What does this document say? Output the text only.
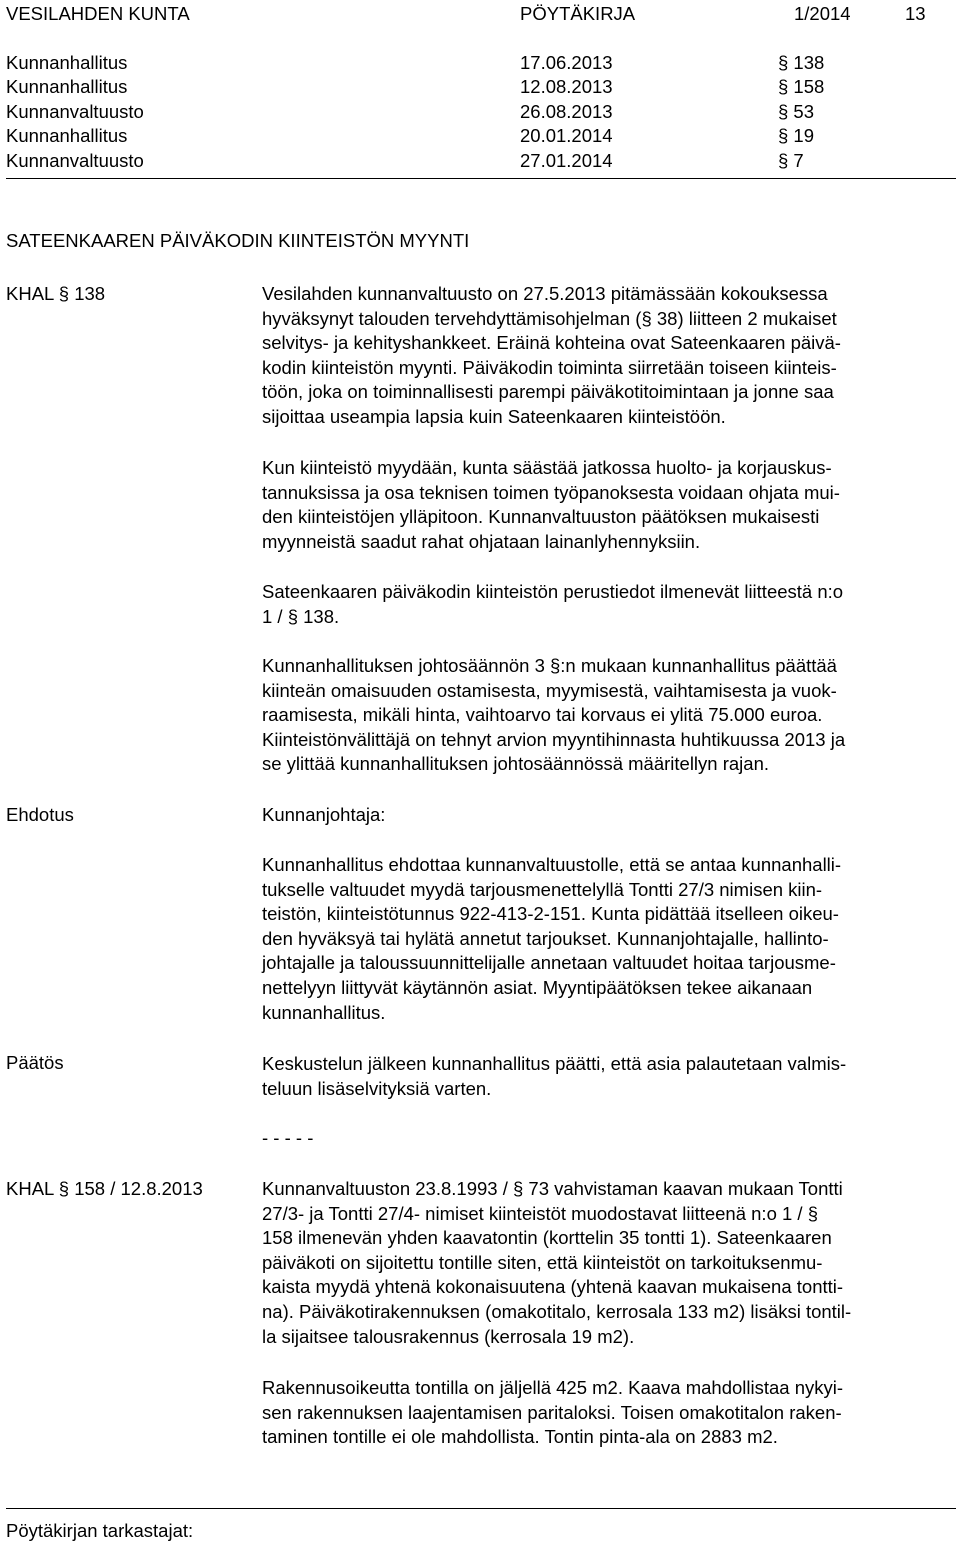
VESILAHDEN KUNTA	PÖYTÄKIRJA	1/2014	13
Kunnanhallitus	17.06.2013	§ 138
Kunnanhallitus	12.08.2013	§ 158
Kunnanvaltuusto	26.08.2013	§ 53
Kunnanhallitus	20.01.2014	§ 19
Kunnanvaltuusto	27.01.2014	§ 7
SATEENKAAREN PÄIVÄKODIN KIINTEISTÖN MYYNTI
KHAL § 138	Vesilahden kunnanvaltuusto on 27.5.2013 pitämässään kokouksessa
hyväksynyt talouden tervehdyttämisohjelman (§ 38) liitteen 2 mukaiset
selvitys- ja kehityshankkeet. Eräinä kohteina ovat Sateenkaaren päivä-
kodin kiinteistön myynti. Päiväkodin toiminta siirretään toiseen kiinteis-
töön, joka on toiminnallisesti parempi päiväkotitoimintaan ja jonne saa
sijoittaa useampia lapsia kuin Sateenkaaren kiinteistöön.
Kun kiinteistö myydään, kunta säästää jatkossa huolto- ja korjauskus-
tannuksissa ja osa teknisen toimen työpanoksesta voidaan ohjata mui-
den kiinteistöjen ylläpitoon. Kunnanvaltuuston päätöksen mukaisesti
myynneistä saadut rahat ohjataan lainanlyhennyksiin.
Sateenkaaren päiväkodin kiinteistön perustiedot ilmenevät liitteestä n:o
1 / § 138.
Kunnanhallituksen johtosäännön 3 §:n mukaan kunnanhallitus päättää
kiinteän omaisuuden ostamisesta, myymisestä, vaihtamisesta ja vuok-
raamisesta, mikäli hinta, vaihtoarvo tai korvaus ei ylitä 75.000 euroa.
Kiinteistönvälittäjä on tehnyt arvion myyntihinnasta huhtikuussa 2013 ja
se ylittää kunnanhallituksen johtosäännössä määritellyn rajan.
Ehdotus	Kunnanjohtaja:
Kunnanhallitus ehdottaa kunnanvaltuustolle, että se antaa kunnanhalli-
tukselle valtuudet myydä tarjousmenettelyllä Tontti 27/3 nimisen kiin-
teistön, kiinteistötunnus 922-413-2-151. Kunta pidättää itselleen oikeu-
den hyväksyä tai hylätä annetut tarjoukset. Kunnanjohtajalle, hallinto-
johtajalle ja taloussuunnittelijalle annetaan valtuudet hoitaa tarjousme-
nettelyyn liittyvät käytännön asiat. Myyntipäätöksen tekee aikanaan
kunnanhallitus.
Päätös	Keskustelun jälkeen kunnanhallitus päätti, että asia palautetaan valmis-
teluun lisäselvityksiä varten.
- - - - -
KHAL § 158 / 12.8.2013	Kunnanvaltuuston 23.8.1993 / § 73 vahvistaman kaavan mukaan Tontti
27/3- ja Tontti 27/4- nimiset kiinteistöt muodostavat liitteenä n:o 1 / §
158 ilmenevän yhden kaavatontin (korttelin 35 tontti 1). Sateenkaaren
päiväkoti on sijoitettu tontille siten, että kiinteistöt on tarkoituksenmu-
kaista myydä yhtenä kokonaisuutena (yhtenä kaavan mukaisena tontti-
na). Päiväkotirakennuksen (omakotitalo, kerrosala 133 m2) lisäksi tontil-
la sijaitsee talousrakennus (kerrosala 19 m2).
Rakennusoikeutta tontilla on jäljellä 425 m2. Kaava mahdollistaa nykyi-
sen rakennuksen laajentamisen paritaloksi. Toisen omakotitalon raken-
taminen tontille ei ole mahdollista. Tontin pinta-ala on 2883 m2.
Pöytäkirjan tarkastajat:
